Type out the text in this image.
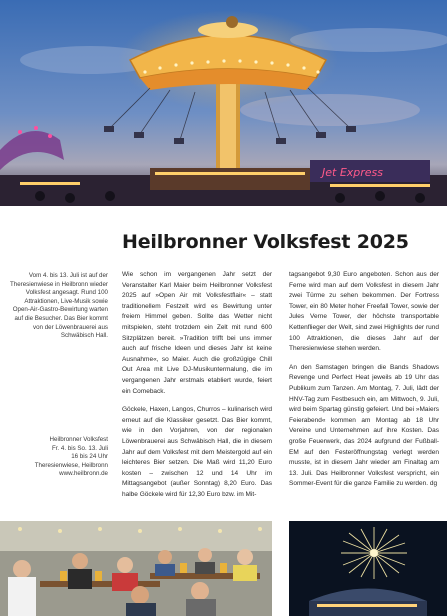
Jet Express
Heilbronner Volksfest 2025

Vom 4. bis 13. Juli ist auf der Theresienwiese in Heilbronn wieder Volksfest angesagt. Rund 100 Attraktionen, Live-Musik sowie Open-Air-Gastro-Bewirtung warten auf die Besucher. Das Bier kommt von der Löwenbrauerei aus Schwäbisch Hall.

Heilbronner Volksfest

Fr. 4. bis So. 13. Juli

16 bis 24 Uhr

Theresienwiese, Heilbronn

www.heilbronn.de

Wie schon im vergangenen Jahr setzt der Veranstalter Karl Maier beim Heilbronner Volksfest 2025 auf »Open Air mit Volksfestflair« – statt traditionellem Festzelt wird es Bewirtung unter freiem Himmel geben. Sollte das Wetter nicht mitspielen, steht trotzdem ein Zelt mit rund 600 Sitzplätzen bereit. »Tradition trifft bei uns immer auch auf frische Ideen und dieses Jahr ist keine Ausnahme«, so Maier. Auch die großzügige Chill Out Area mit Live DJ-Musikuntermalung, die im vergangenen Jahr erstmals etabliert wurde, feiert ein Comeback.

Göckele, Haxen, Langos, Churros – kulinarisch wird erneut auf die Klassiker gesetzt. Das Bier kommt, wie in den Vorjahren, von der regionalen Löwenbrauerei aus Schwäbisch Hall, die in diesem Jahr auf dem Volksfest mit dem Meistergold auf ein leichteres Bier setzen. Die Maß wird 11,20 Euro kosten – zwischen 12 und 14 Uhr im Mittagsangebot (außer Sonntag) 8,20 Euro. Das halbe Göckele wird für 12,30 Euro bzw. im Mit-

tagsangebot 9,30 Euro angeboten. Schon aus der Ferne wird man auf dem Volksfest in diesem Jahr zwei Türme zu sehen bekommen. Der Fortress Tower, ein 80 Meter hoher Freefall Tower, sowie der Jules Verne Tower, der höchste transportable Kettenflieger der Welt, sind zwei Highlights der rund 100 Attraktionen, die dieses Jahr auf der Theresienwiese stehen werden.

An den Samstagen bringen die Bands Shadows Revenge und Perfect Heat jeweils ab 19 Uhr das Publikum zum Tanzen. Am Montag, 7. Juli, lädt der HNV-Tag zum Festbesuch ein, am Mittwoch, 9. Juli, wird beim Spartag günstig gefeiert. Und bei »Maiers Feierabend« kommen am Montag ab 18 Uhr Vereine und Unternehmen auf ihre Kosten. Das große Feuerwerk, das 2024 aufgrund der Fußball-EM auf den Festeröffnungstag verlegt werden musste, ist in diesem Jahr wieder am Finaltag am 13. Juli. Das Heilbronner Volksfest verspricht, ein Sommer-Event für die ganze Familie zu werden. dg
